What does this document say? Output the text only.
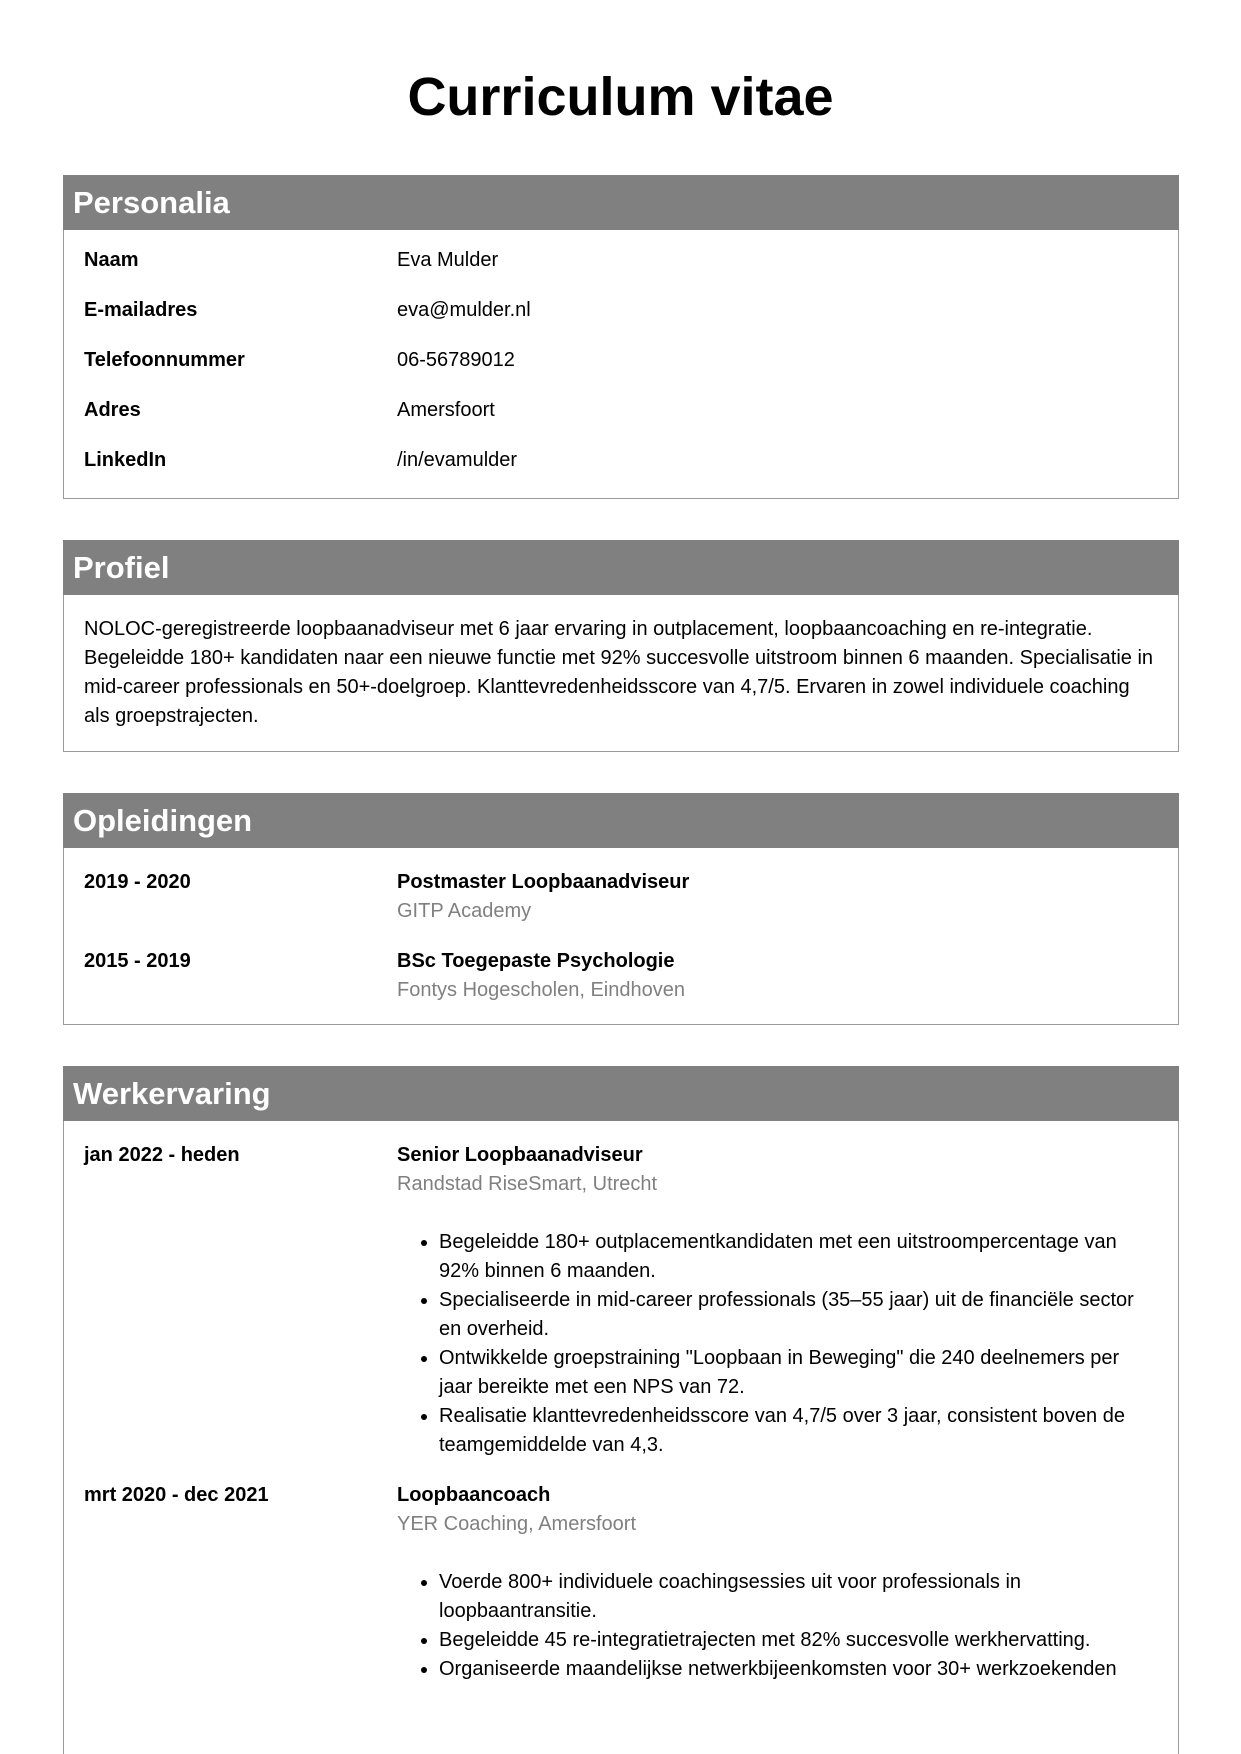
Curriculum vitae
Personalia
Naam	Eva Mulder
E-mailadres	eva@mulder.nl
Telefoonnummer	06-56789012
Adres	Amersfoort
LinkedIn	/in/evamulder
Profiel
NOLOC-geregistreerde loopbaanadviseur met 6 jaar ervaring in outplacement, loopbaancoaching en re-integratie. Begeleidde 180+ kandidaten naar een nieuwe functie met 92% succesvolle uitstroom binnen 6 maanden. Specialisatie in mid-career professionals en 50+-doelgroep. Klanttevredenheidsscore van 4,7/5. Ervaren in zowel individuele coaching als groepstrajecten.
Opleidingen
2019 - 2020	Postmaster Loopbaanadviseur
GITP Academy
2015 - 2019	BSc Toegepaste Psychologie
Fontys Hogescholen, Eindhoven
Werkervaring
jan 2022 - heden	Senior Loopbaanadviseur
Randstad RiseSmart, Utrecht
• Begeleidde 180+ outplacementkandidaten met een uitstroompercentage van 92% binnen 6 maanden.
• Specialiseerde in mid-career professionals (35–55 jaar) uit de financiële sector en overheid.
• Ontwikkelde groepstraining "Loopbaan in Beweging" die 240 deelnemers per jaar bereikte met een NPS van 72.
• Realisatie klanttevredenheidsscore van 4,7/5 over 3 jaar, consistent boven de teamgemiddelde van 4,3.
mrt 2020 - dec 2021	Loopbaancoach
YER Coaching, Amersfoort
• Voerde 800+ individuele coachingsessies uit voor professionals in loopbaantransitie.
• Begeleidde 45 re-integratietrajecten met 82% succesvolle werkhervatting.
• Organiseerde maandelijkse netwerkbijeenkomsten voor 30+ werkzoekenden
